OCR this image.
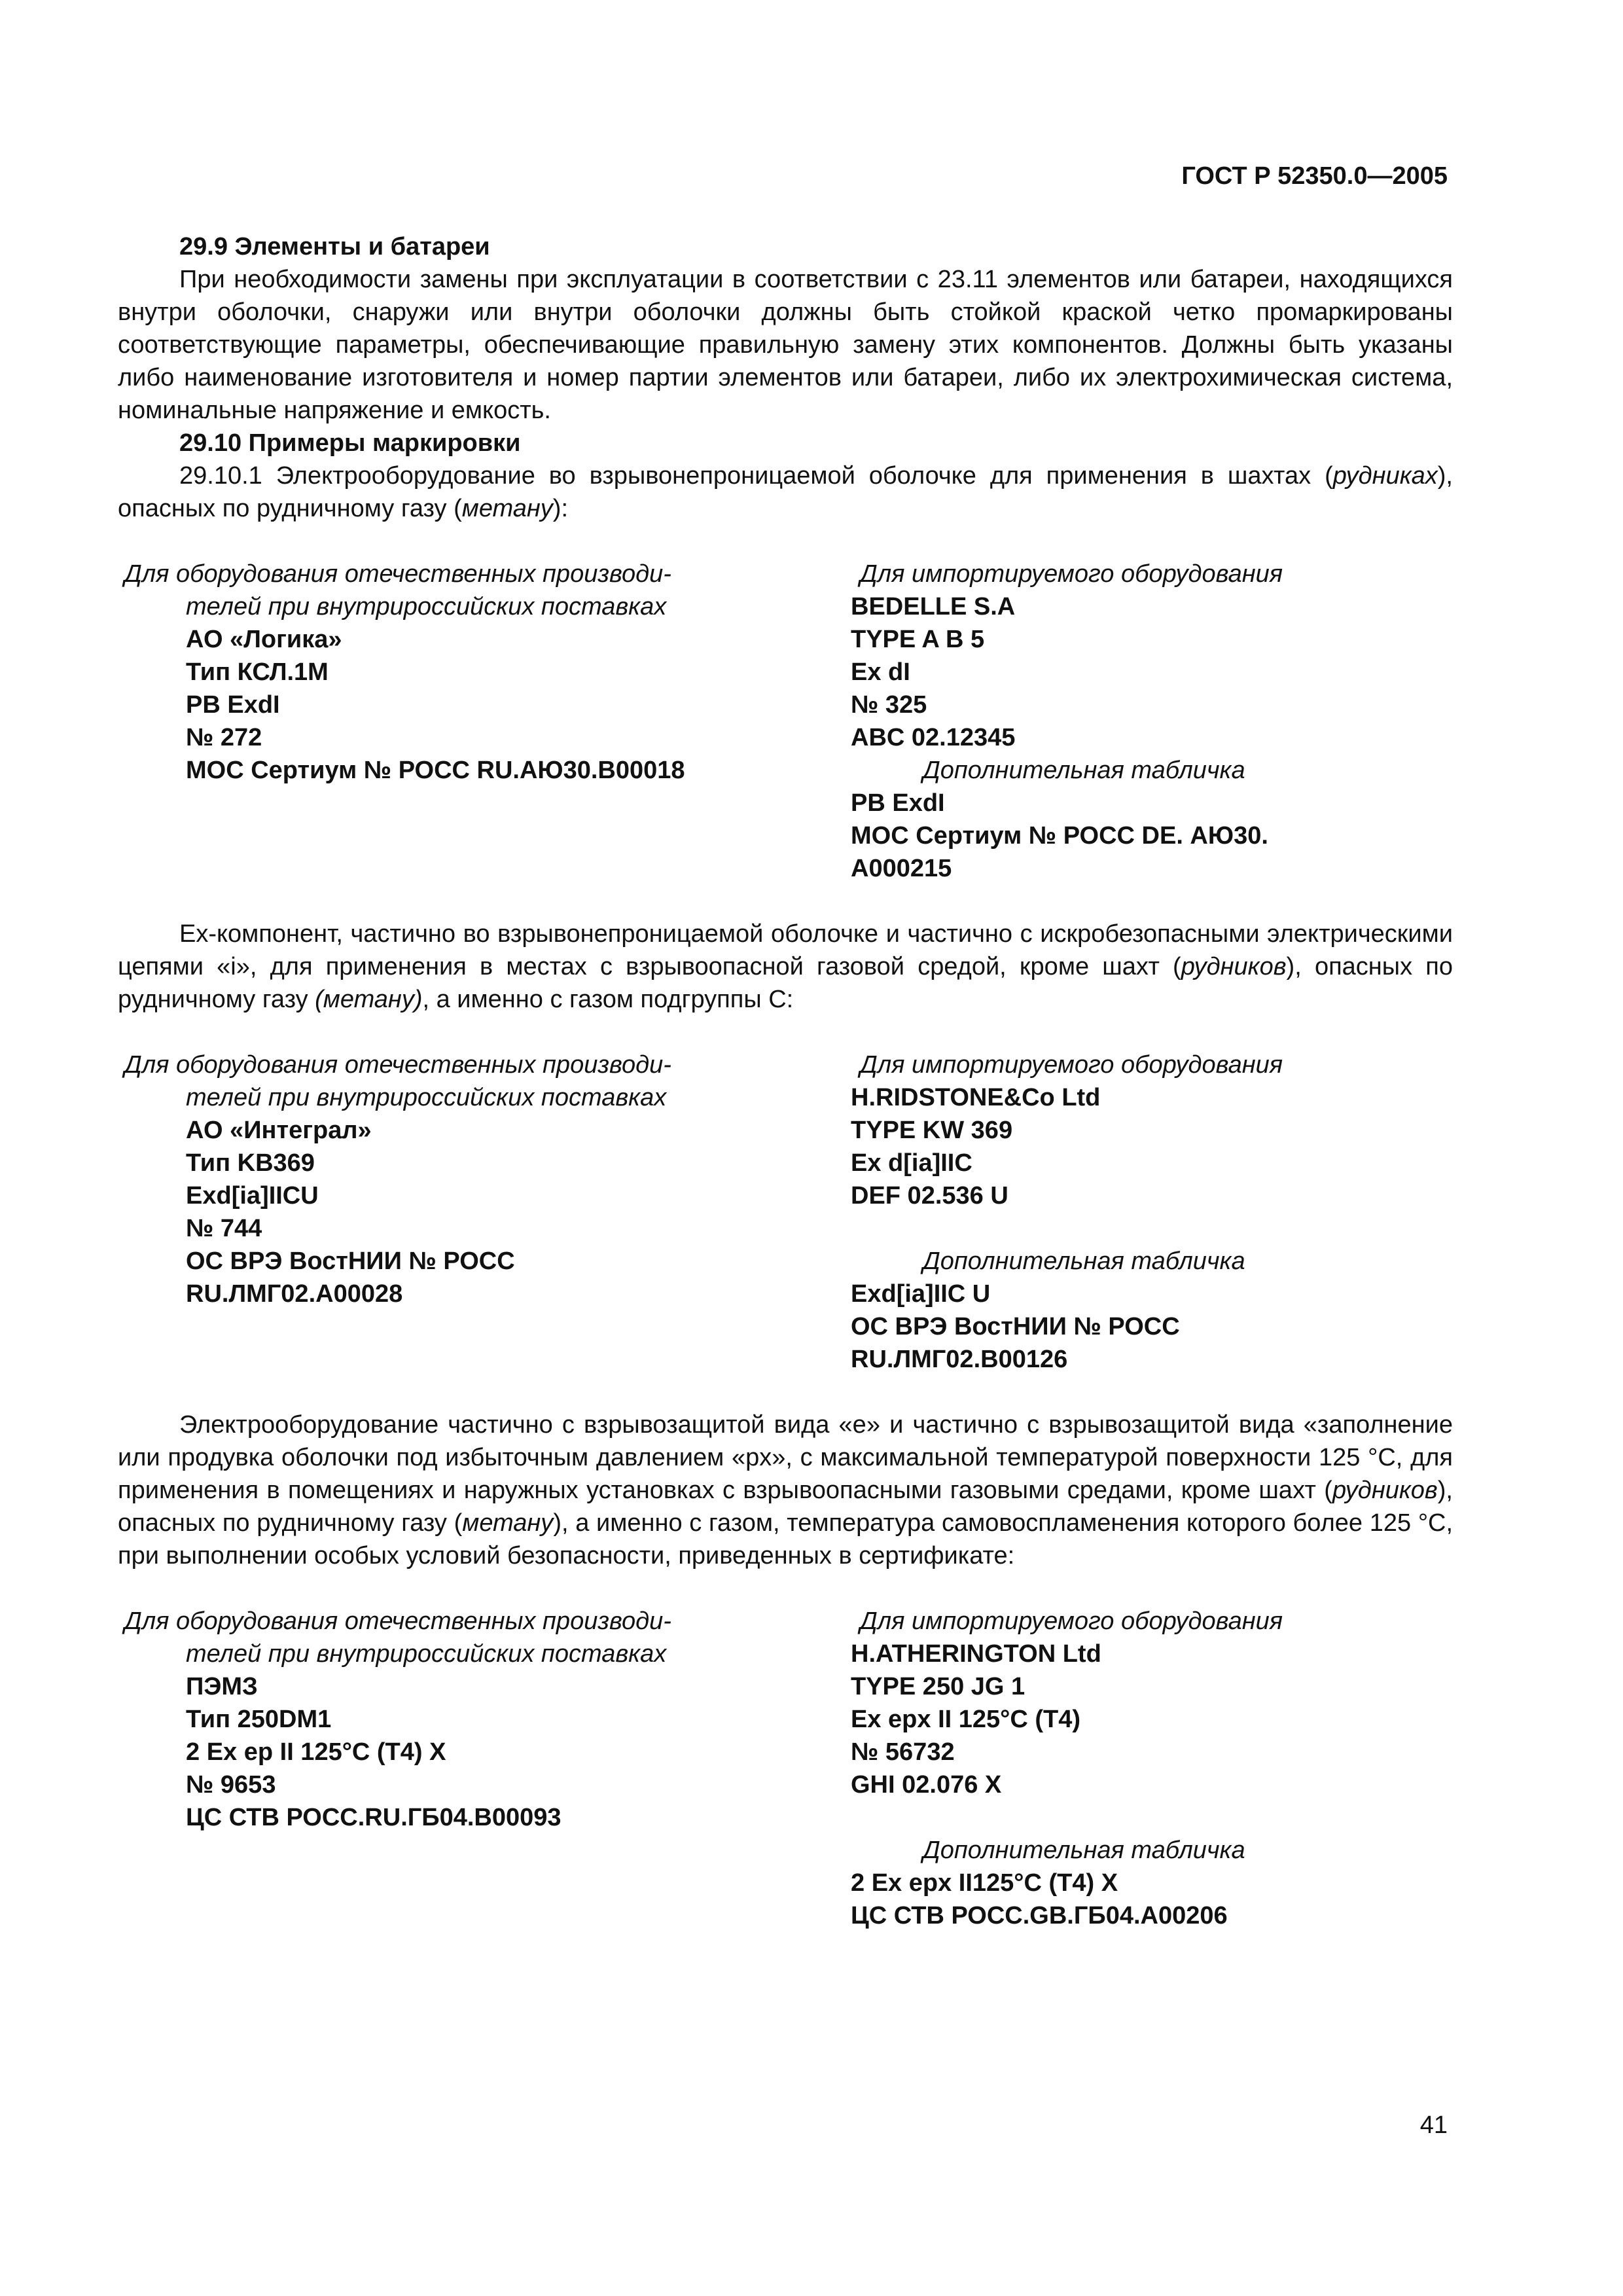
ГОСТ Р 52350.0—2005
29.9 Элементы и батареи

При необходимости замены при эксплуатации в соответствии с 23.11 элементов или батареи, находящихся внутри оболочки, снаружи или внутри оболочки должны быть стойкой краской четко промаркированы соответствующие параметры, обеспечивающие правильную замену этих компонентов. Должны быть указаны либо наименование изготовителя и номер партии элементов или батареи, либо их электрохимическая система, номинальные напряжение и емкость.

29.10 Примеры маркировки

29.10.1 Электрооборудование во взрывонепроницаемой оболочке для применения в шахтах (рудниках), опасных по рудничному газу (метану):

Для оборудования отечественных производи-
телей при внутрироссийских поставках
АО «Логика»
Тип КСЛ.1М
PB ExdI
№ 272
МОС Сертиум № РОСС RU.АЮ30.В00018
Для импортируемого оборудования
BEDELLE S.A
TYPE A B 5
Ex dI
№ 325
ABC 02.12345
Дополнительная табличка
PB ExdI
МОС Сертиум № РОСС DE. АЮ30.
А000215

Ex-компонент, частично во взрывонепроницаемой оболочке и частично с искробезопасными электрическими цепями «i», для применения в местах с взрывоопасной газовой средой, кроме шахт (рудников), опасных по рудничному газу (метану), а именно с газом подгруппы С:

Для оборудования отечественных производи-
телей при внутрироссийских поставках
АО «Интеграл»
Тип KB369
Exd[ia]IICU
№ 744
ОС ВРЭ ВостНИИ № РОСС
RU.ЛМГ02.А00028
Для импортируемого оборудования
H.RIDSTONE&Co Ltd
TYPE KW 369
Ex d[ia]IIC
DEF 02.536 U
Дополнительная табличка
Exd[ia]IIC U
ОС ВРЭ ВостНИИ № РОСС
RU.ЛМГ02.В00126

Электрооборудование частично с взрывозащитой вида «е» и частично с взрывозащитой вида «заполнение или продувка оболочки под избыточным давлением «px», с максимальной температурой поверхности 125 °С, для применения в помещениях и наружных установках с взрывоопасными газовыми средами, кроме шахт (рудников), опасных по рудничному газу (метану), а именно с газом, температура самовоспламенения которого более 125 °С, при выполнении особых условий безопасности, приведенных в сертификате:

Для оборудования отечественных производи-
телей при внутрироссийских поставках
ПЭМЗ
Тип 250DM1
2 Ex ep II 125°С (Т4) X
№ 9653
ЦС СТВ РОСС.RU.ГБ04.В00093
Для импортируемого оборудования
H.ATHERINGTON Ltd
TYPE 250 JG 1
Ex epx II 125°C (T4)
№ 56732
GHI 02.076 X
Дополнительная табличка
2 Ex epx II125°С (Т4) X
ЦС СТВ РОСС.GB.ГБ04.А00206
41
